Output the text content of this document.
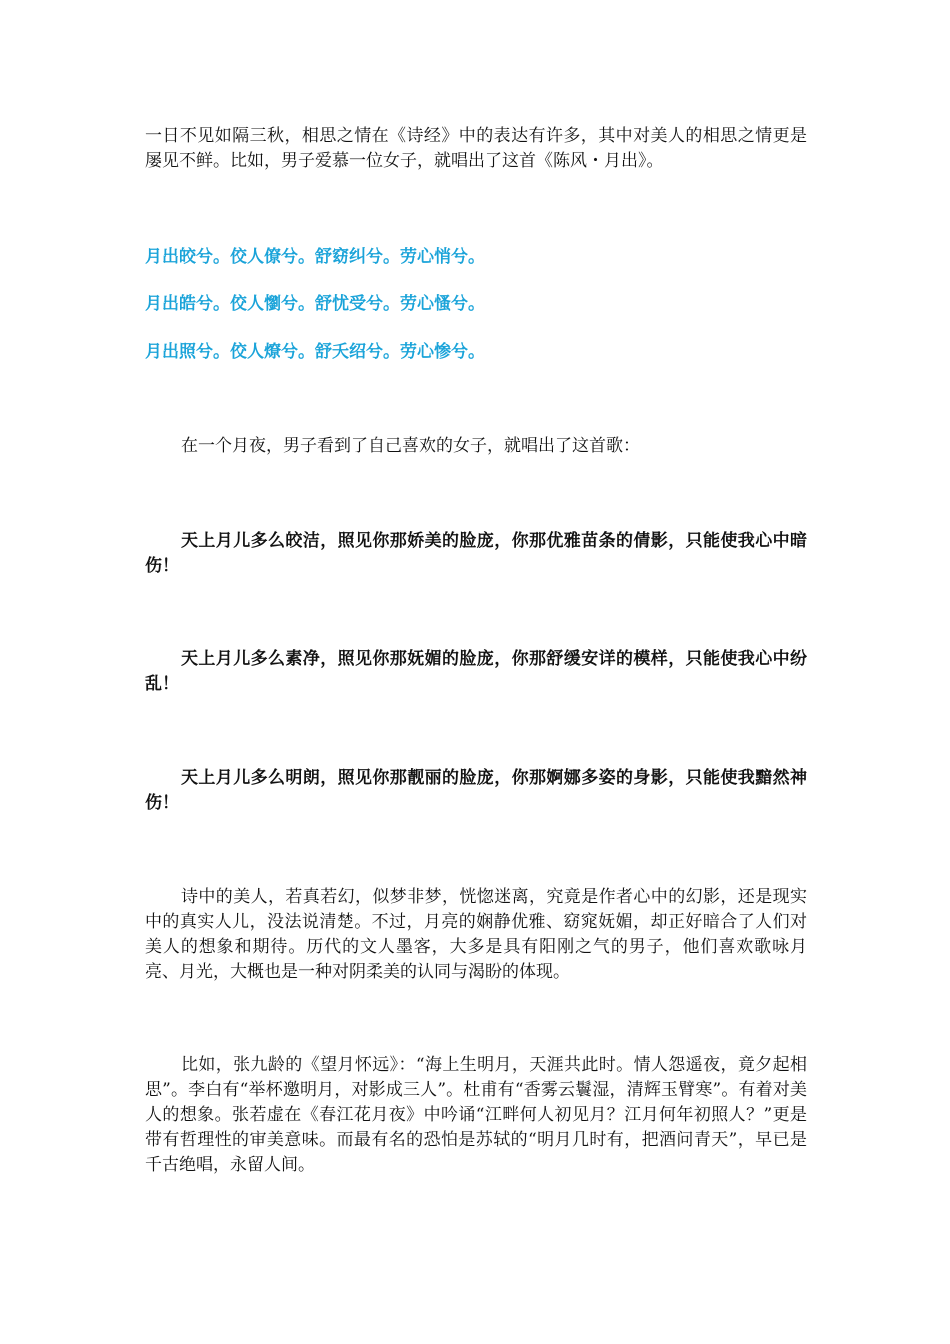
一日不见如隔三秋，相思之情在《诗经》中的表达有许多，其中对美人的相思之情更是屡见不鲜。比如，男子爱慕一位女子，就唱出了这首《陈风・月出》。

月出皎兮。佼人僚兮。舒窈纠兮。劳心悄兮。

月出皓兮。佼人懰兮。舒忧受兮。劳心慅兮。

月出照兮。佼人燎兮。舒夭绍兮。劳心惨兮。

在一个月夜，男子看到了自己喜欢的女子，就唱出了这首歌：

天上月儿多么皎洁，照见你那娇美的脸庞，你那优雅苗条的倩影，只能使我心中暗伤！

天上月儿多么素净，照见你那妩媚的脸庞，你那舒缓安详的模样，只能使我心中纷乱！

天上月儿多么明朗，照见你那靓丽的脸庞，你那婀娜多姿的身影，只能使我黯然神伤！

诗中的美人，若真若幻，似梦非梦，恍惚迷离，究竟是作者心中的幻影，还是现实中的真实人儿，没法说清楚。不过，月亮的娴静优雅、窈窕妩媚，却正好暗合了人们对美人的想象和期待。历代的文人墨客，大多是具有阳刚之气的男子，他们喜欢歌咏月亮、月光，大概也是一种对阴柔美的认同与渴盼的体现。

比如，张九龄的《望月怀远》：“海上生明月，天涯共此时。情人怨遥夜，竟夕起相思”。李白有“举杯邀明月，对影成三人”。杜甫有“香雾云鬟湿，清辉玉臂寒”。有着对美人的想象。张若虚在《春江花月夜》中吟诵“江畔何人初见月？江月何年初照人？”更是带有哲理性的审美意味。而最有名的恐怕是苏轼的“明月几时有，把酒问青天”，早已是千古绝唱，永留人间。
